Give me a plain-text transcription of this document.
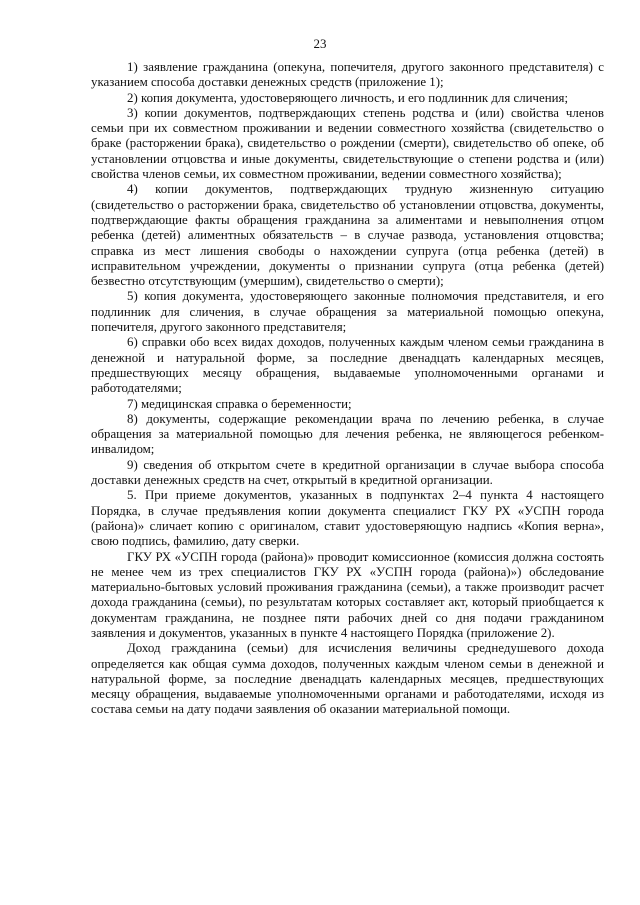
23

1) заявление гражданина (опекуна, попечителя, другого законного представителя) с указанием способа доставки денежных средств (приложение 1);

2) копия документа, удостоверяющего личность, и его подлинник для сличения;

3) копии документов, подтверждающих степень родства и (или) свойства членов семьи при их совместном проживании и ведении совместного хозяйства (свидетельство о браке (расторжении брака), свидетельство о рождении (смерти), свидетельство об опеке, об установлении отцовства и иные документы, свидетельствующие о степени родства и (или) свойства членов семьи, их совместном проживании, ведении совместного хозяйства);

4) копии документов, подтверждающих трудную жизненную ситуацию (свидетельство о расторжении брака, свидетельство об установлении отцовства, документы, подтверждающие факты обращения гражданина за алиментами и невыполнения отцом ребенка (детей) алиментных обязательств – в случае развода, установления отцовства; справка из мест лишения свободы о нахождении супруга (отца ребенка (детей) в исправительном учреждении, документы о признании супруга (отца ребенка (детей) безвестно отсутствующим (умершим), свидетельство о смерти);

5) копия документа, удостоверяющего законные полномочия представителя, и его подлинник для сличения, в случае обращения за материальной помощью опекуна, попечителя, другого законного представителя;

6) справки обо всех видах доходов, полученных каждым членом семьи гражданина в денежной и натуральной форме, за последние двенадцать календарных месяцев, предшествующих месяцу обращения, выдаваемые уполномоченными органами и работодателями;

7) медицинская справка о беременности;

8) документы, содержащие рекомендации врача по лечению ребенка, в случае обращения за материальной помощью для лечения ребенка, не являющегося ребенком-инвалидом;

9) сведения об открытом счете в кредитной организации в случае выбора способа доставки денежных средств на счет, открытый в кредитной организации.

5. При приеме документов, указанных в подпунктах 2–4 пункта 4 настоящего Порядка, в случае предъявления копии документа специалист ГКУ РХ «УСПН города (района)» сличает копию с оригиналом, ставит удостоверяющую надпись «Копия верна», свою подпись, фамилию, дату сверки.

ГКУ РХ «УСПН города (района)» проводит комиссионное (комиссия должна состоять не менее чем из трех специалистов ГКУ РХ «УСПН города (района)») обследование материально-бытовых условий проживания гражданина (семьи), а также производит расчет дохода гражданина (семьи), по результатам которых составляет акт, который приобщается к документам гражданина, не позднее пяти рабочих дней со дня подачи гражданином заявления и документов, указанных в пункте 4 настоящего Порядка (приложение 2).

Доход гражданина (семьи) для исчисления величины среднедушевого дохода определяется как общая сумма доходов, полученных каждым членом семьи в денежной и натуральной форме, за последние двенадцать календарных месяцев, предшествующих месяцу обращения, выдаваемые уполномоченными органами и работодателями, исходя из состава семьи на дату подачи заявления об оказании материальной помощи.
